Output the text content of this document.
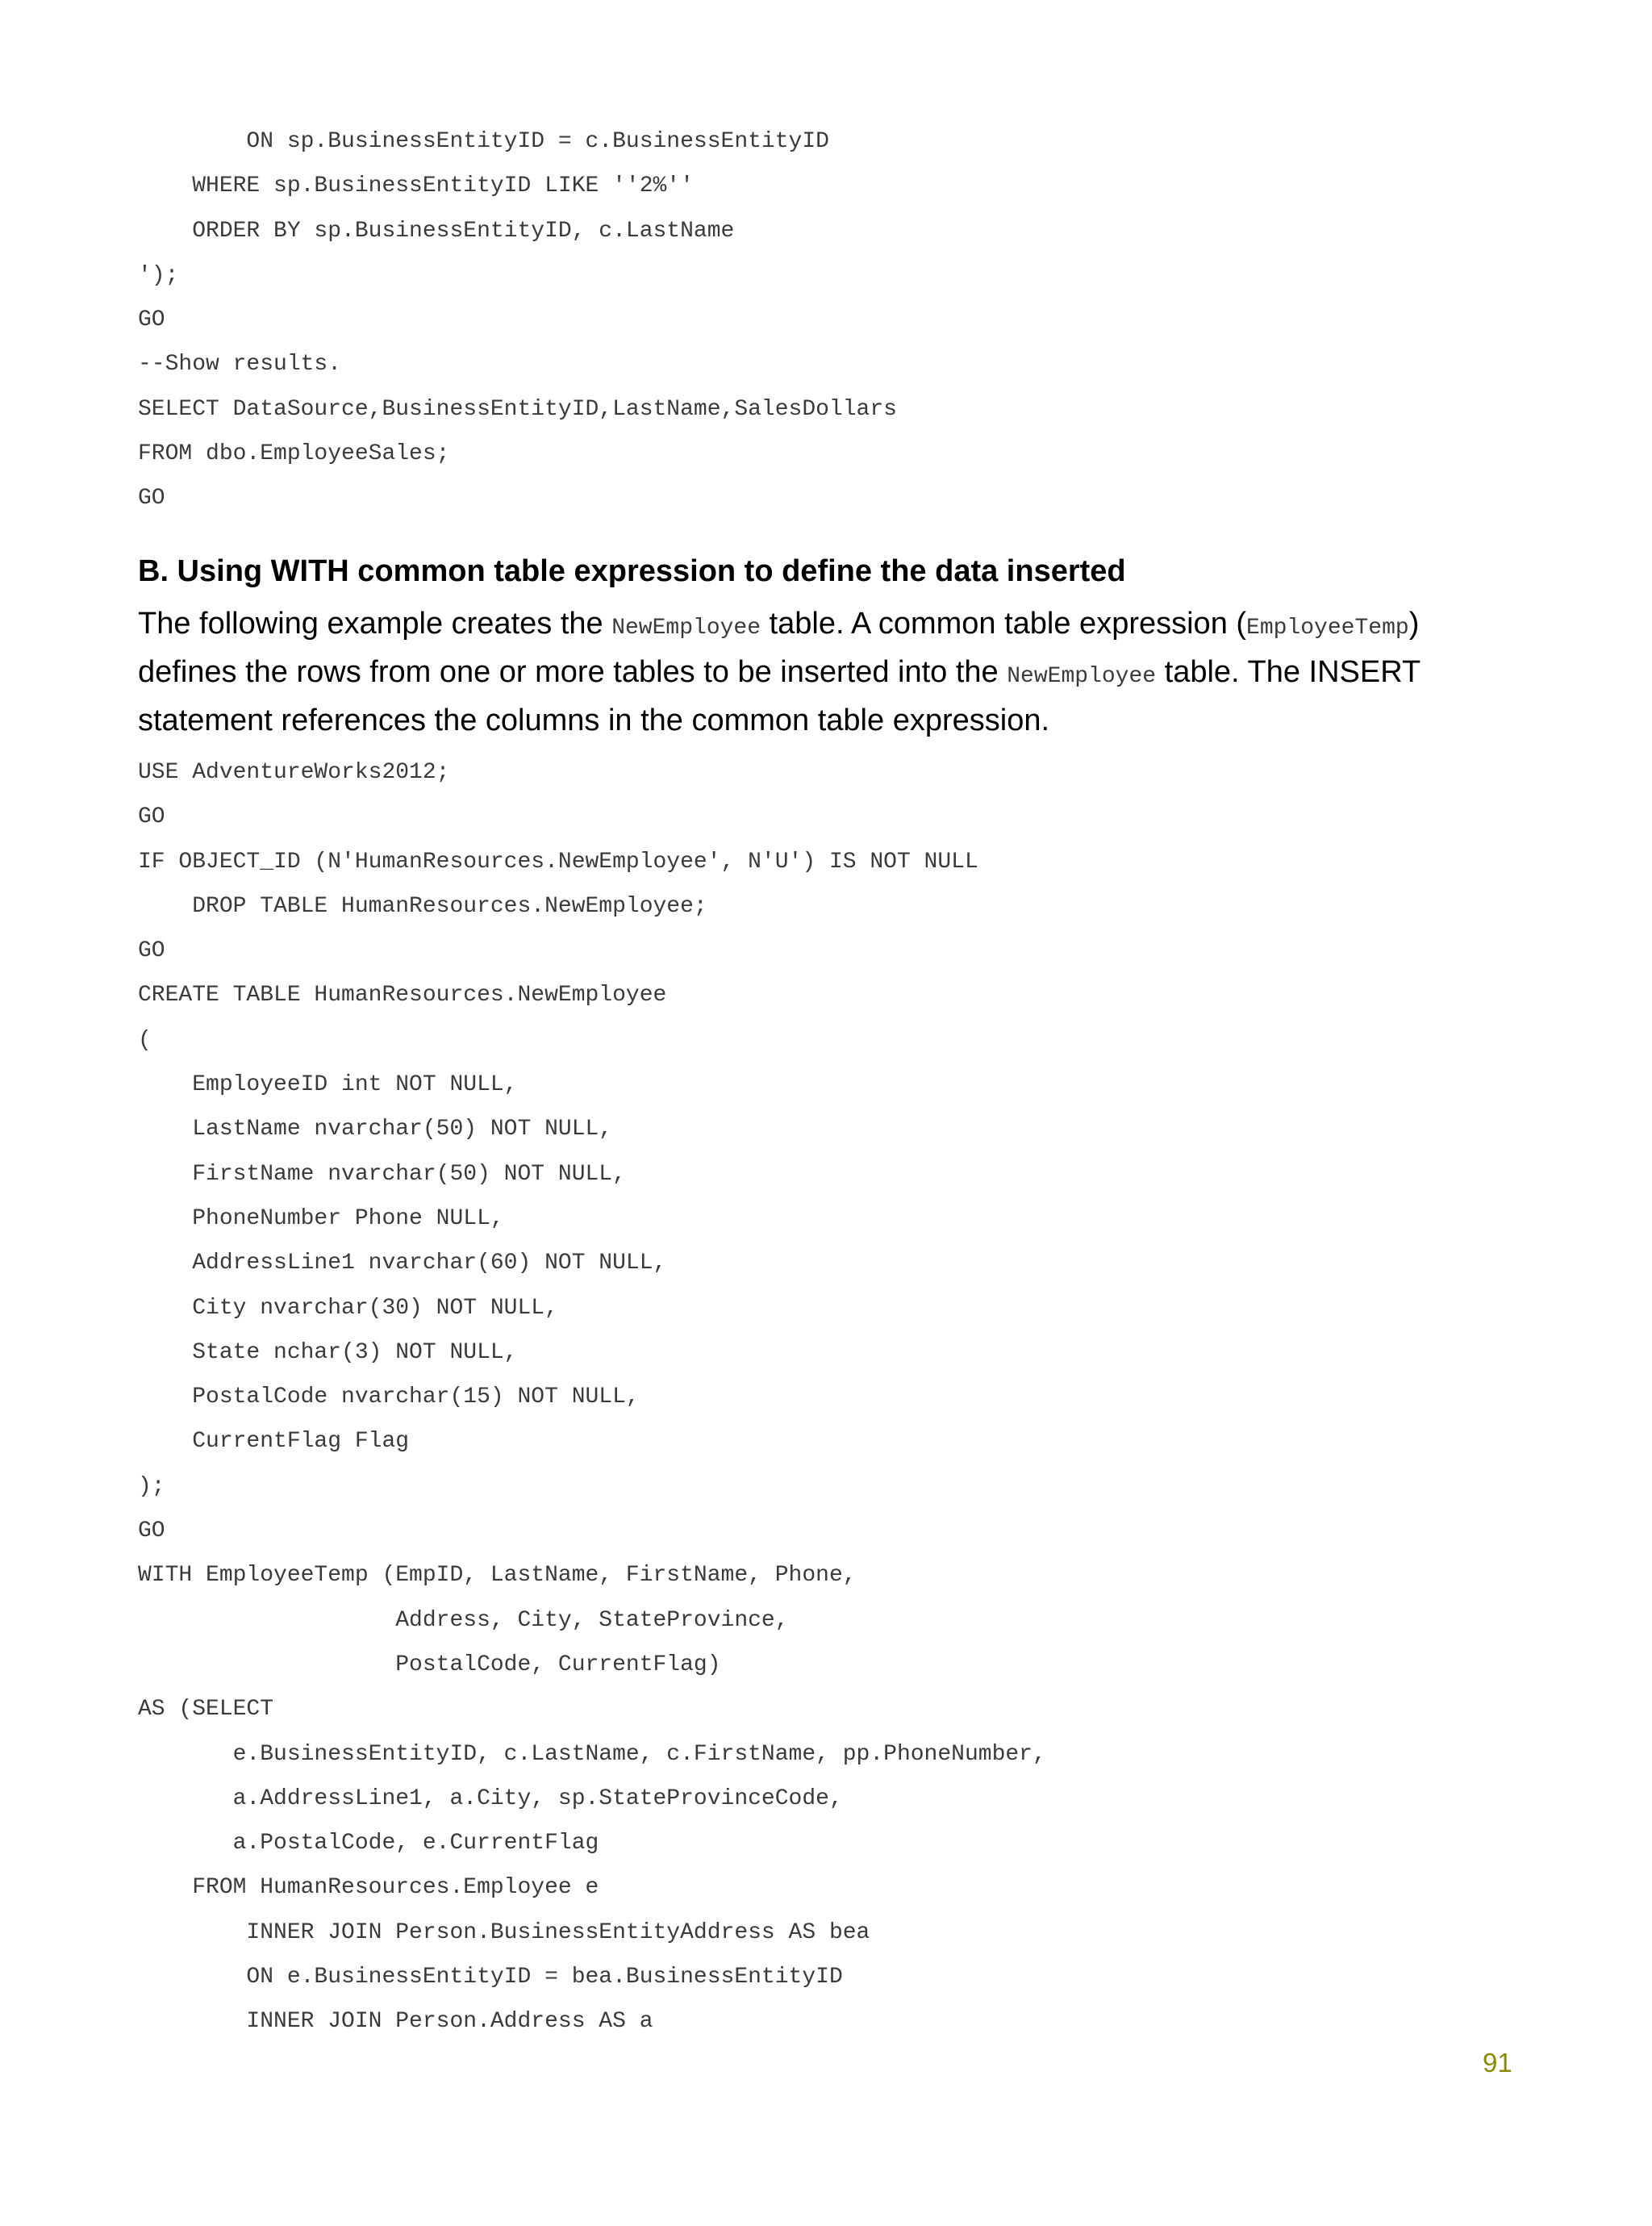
ON sp.BusinessEntityID = c.BusinessEntityID
WHERE sp.BusinessEntityID LIKE ''2%''
ORDER BY sp.BusinessEntityID, c.LastName
');
GO
--Show results.
SELECT DataSource,BusinessEntityID,LastName,SalesDollars
FROM dbo.EmployeeSales;
GO
B. Using WITH common table expression to define the data inserted

The following example creates the NewEmployee table. A common table expression (EmployeeTemp) defines the rows from one or more tables to be inserted into the NewEmployee table. The INSERT statement references the columns in the common table expression.

USE AdventureWorks2012;
GO
IF OBJECT_ID (N'HumanResources.NewEmployee', N'U') IS NOT NULL
DROP TABLE HumanResources.NewEmployee;
GO
CREATE TABLE HumanResources.NewEmployee
(
EmployeeID int NOT NULL,
LastName nvarchar(50) NOT NULL,
FirstName nvarchar(50) NOT NULL,
PhoneNumber Phone NULL,
AddressLine1 nvarchar(60) NOT NULL,
City nvarchar(30) NOT NULL,
State nchar(3) NOT NULL,
PostalCode nvarchar(15) NOT NULL,
CurrentFlag Flag
);
GO
WITH EmployeeTemp (EmpID, LastName, FirstName, Phone,
Address, City, StateProvince,
PostalCode, CurrentFlag)
AS (SELECT
e.BusinessEntityID, c.LastName, c.FirstName, pp.PhoneNumber,
a.AddressLine1, a.City, sp.StateProvinceCode,
a.PostalCode, e.CurrentFlag
FROM HumanResources.Employee e
INNER JOIN Person.BusinessEntityAddress AS bea
ON e.BusinessEntityID = bea.BusinessEntityID
INNER JOIN Person.Address AS a
91
